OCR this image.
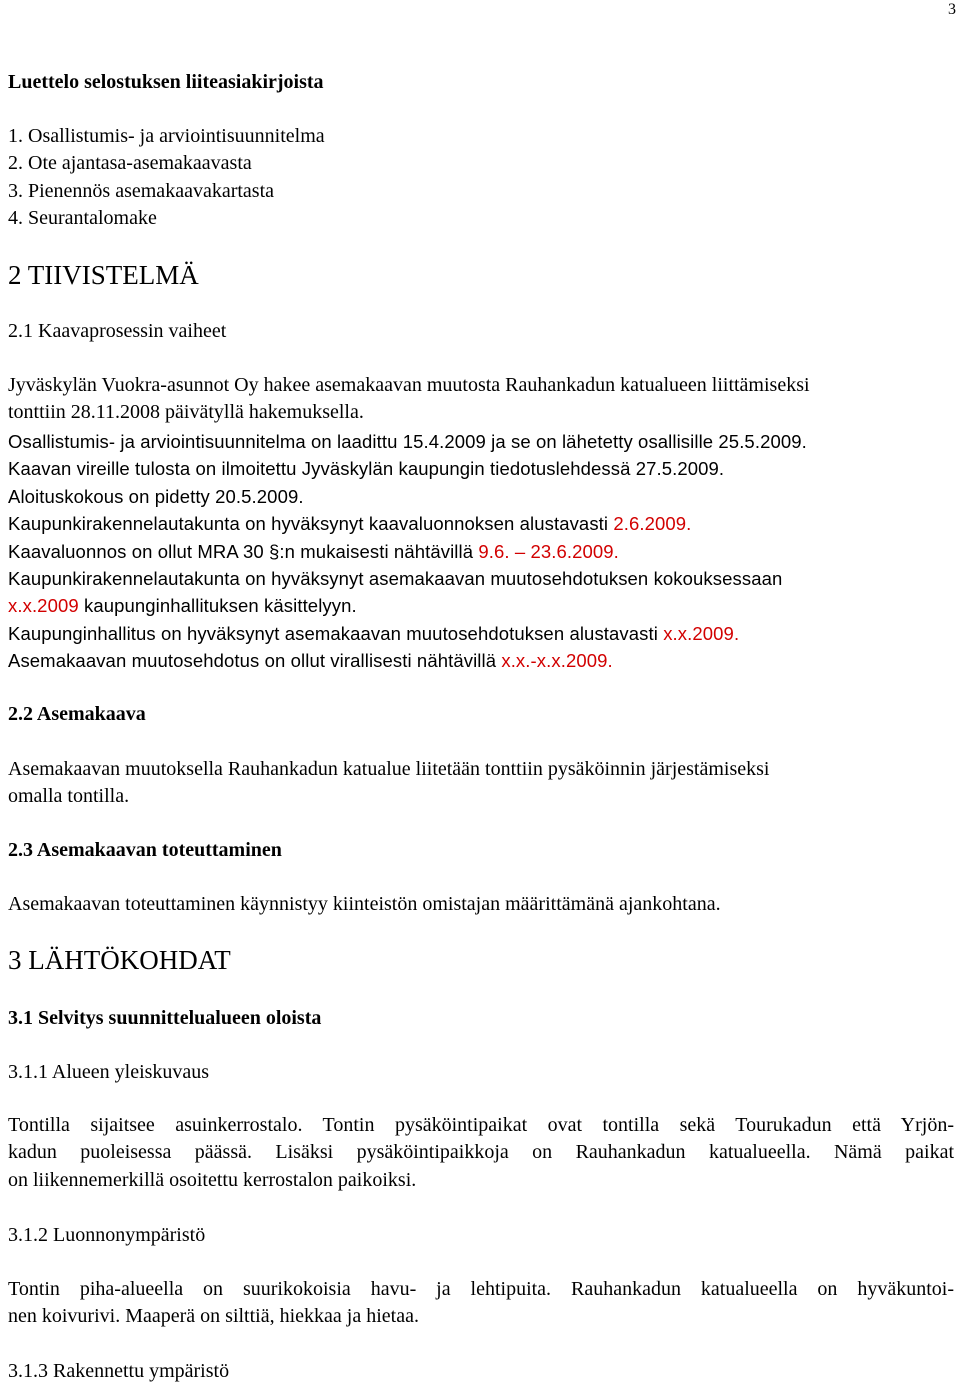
3
Luettelo selostuksen liiteasiakirjoista
1. Osallistumis- ja arviointisuunnitelma
2. Ote ajantasa-asemakaavasta
3. Pienennös asemakaavakartasta
4. Seurantalomake
2 TIIVISTELMÄ
2.1 Kaavaprosessin vaiheet
Jyväskylän Vuokra-asunnot Oy hakee asemakaavan muutosta Rauhankadun katualueen liittämiseksi
tonttiin 28.11.2008 päivätyllä hakemuksella.
Osallistumis- ja arviointisuunnitelma on laadittu 15.4.2009 ja se on lähetetty osallisille 25.5.2009.
Kaavan vireille tulosta on ilmoitettu Jyväskylän kaupungin tiedotuslehdessä 27.5.2009.
Aloituskokous on pidetty 20.5.2009.
Kaupunkirakennelautakunta on hyväksynyt kaavaluonnoksen alustavasti 2.6.2009.
Kaavaluonnos on ollut MRA 30 §:n mukaisesti nähtävillä 9.6. – 23.6.2009.
Kaupunkirakennelautakunta on hyväksynyt asemakaavan muutosehdotuksen kokouksessaan
x.x.2009 kaupunginhallituksen käsittelyyn.
Kaupunginhallitus on hyväksynyt asemakaavan muutosehdotuksen alustavasti x.x.2009.
Asemakaavan muutosehdotus on ollut virallisesti nähtävillä x.x.-x.x.2009.
2.2 Asemakaava
Asemakaavan muutoksella Rauhankadun katualue liitetään tonttiin pysäköinnin järjestämiseksi
omalla tontilla.
2.3 Asemakaavan toteuttaminen
Asemakaavan toteuttaminen käynnistyy kiinteistön omistajan määrittämänä ajankohtana.
3 LÄHTÖKOHDAT
3.1 Selvitys suunnittelualueen oloista
3.1.1 Alueen yleiskuvaus
Tontilla sijaitsee asuinkerrostalo. Tontin pysäköintipaikat ovat tontilla sekä Tourukadun että Yrjön-
kadun puoleisessa päässä. Lisäksi pysäköintipaikkoja on Rauhankadun katualueella. Nämä paikat
on liikennemerkillä osoitettu kerrostalon paikoiksi.
3.1.2 Luonnonympäristö
Tontin piha-alueella on suurikokoisia havu- ja lehtipuita. Rauhankadun katualueella on hyväkuntoi-
nen koivurivi. Maaperä on silttiä, hiekkaa ja hietaa.
3.1.3 Rakennettu ympäristö
